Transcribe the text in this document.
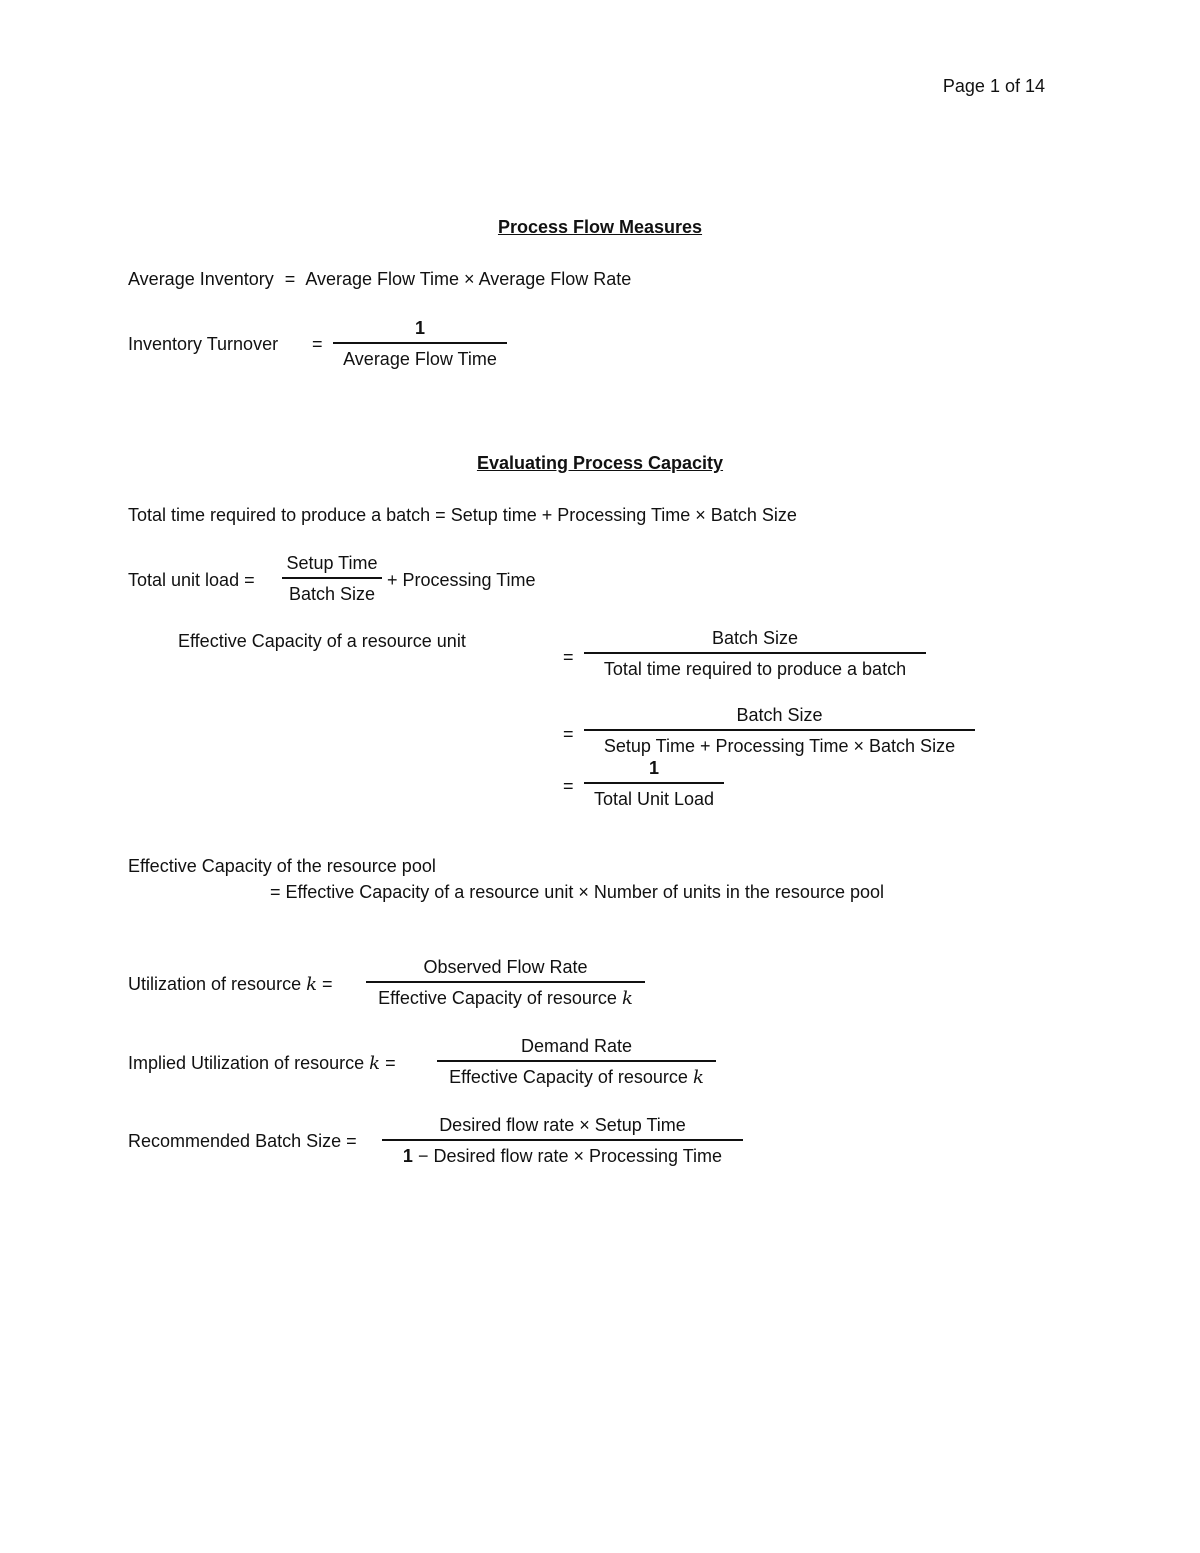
Page 1 of 14
Process Flow Measures
Average Inventory = Average Flow Time × Average Flow Rate
Inventory Turnover =
1
Average Flow Time
Evaluating Process Capacity
Total time required to produce a batch = Setup time + Processing Time × Batch Size
Total unit load =
Setup Time
Batch Size
+ Processing Time
Effective Capacity of a resource unit
=
Batch Size
Total time required to produce a batch
=
Batch Size
Setup Time + Processing Time × Batch Size
=
1
Total Unit Load
Effective Capacity of the resource pool
= Effective Capacity of a resource unit × Number of units in the resource pool
Utilization of resource k =
Observed Flow Rate
Effective Capacity of resource k
Implied Utilization of resource k =
Demand Rate
Effective Capacity of resource k
Recommended Batch Size =
Desired flow rate × Setup Time
1 − Desired flow rate × Processing Time
